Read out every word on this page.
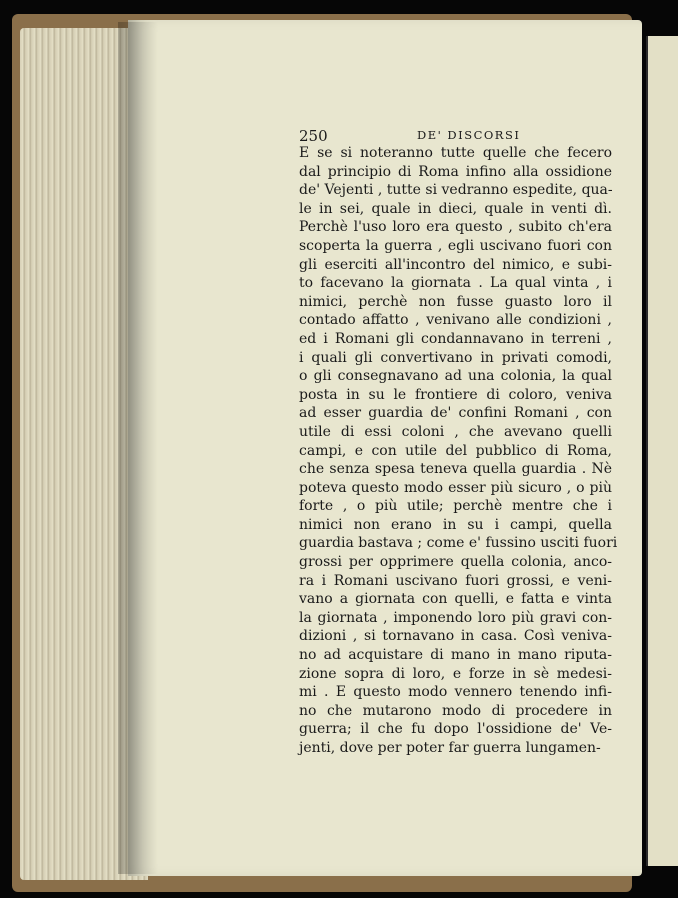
250	DE' DISCORSI
E se si noteranno tutte quelle che fecero
dal principio di Roma infino alla ossidione
de' Vejenti , tutte si vedranno espedite, qua-
le in sei, quale in dieci, quale in venti dì.
Perchè l'uso loro era questo , subito ch'era
scoperta la guerra , egli uscivano fuori con
gli eserciti all'incontro del nimico, e subi-
to facevano la giornata . La qual vinta , i
nimici, perchè non fusse guasto loro il
contado affatto , venivano alle condizioni ,
ed i Romani gli condannavano in terreni ,
i quali gli convertivano in privati comodi,
o gli consegnavano ad una colonia, la qual
posta in su le frontiere di coloro, veniva
ad esser guardia de' confini Romani , con
utile di essi coloni , che avevano quelli
campi, e con utile del pubblico di Roma,
che senza spesa teneva quella guardia . Nè
poteva questo modo esser più sicuro , o più
forte , o più utile; perchè mentre che i
nimici non erano in su i campi, quella
guardia bastava ; come e' fussino usciti fuori
grossi per opprimere quella colonia, anco-
ra i Romani uscivano fuori grossi, e veni-
vano a giornata con quelli, e fatta e vinta
la giornata , imponendo loro più gravi con-
dizioni , si tornavano in casa. Così veniva-
no ad acquistare di mano in mano riputa-
zione sopra di loro, e forze in sè medesi-
mi . E questo modo vennero tenendo infi-
no che mutarono modo di procedere in
guerra; il che fu dopo l'ossidione de' Ve-
jenti, dove per poter far guerra lungamen-
